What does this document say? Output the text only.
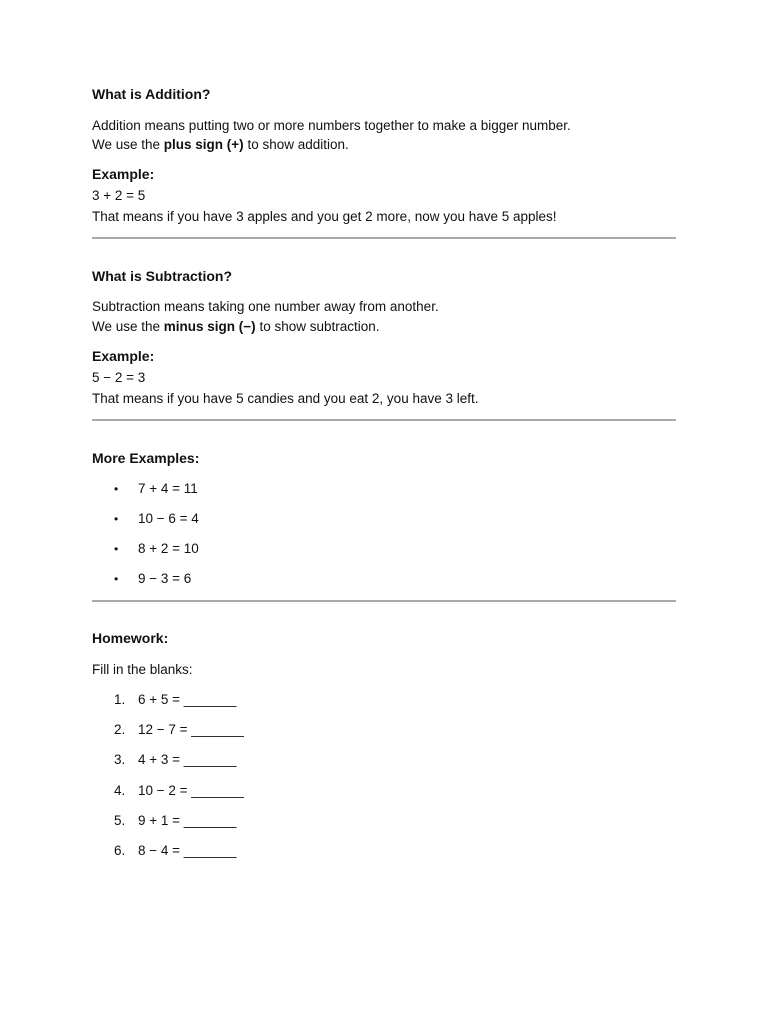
What is Addition?
Addition means putting two or more numbers together to make a bigger number.
We use the plus sign (+) to show addition.
Example:
3 + 2 = 5
That means if you have 3 apples and you get 2 more, now you have 5 apples!
What is Subtraction?
Subtraction means taking one number away from another.
We use the minus sign (−) to show subtraction.
Example:
5 − 2 = 3
That means if you have 5 candies and you eat 2, you have 3 left.
More Examples:
• 7 + 4 = 11
• 10 − 6 = 4
• 8 + 2 = 10
• 9 − 3 = 6
Homework:
Fill in the blanks:
1. 6 + 5 = _______
2. 12 − 7 = _______
3. 4 + 3 = _______
4. 10 − 2 = _______
5. 9 + 1 = _______
6. 8 − 4 = _______
